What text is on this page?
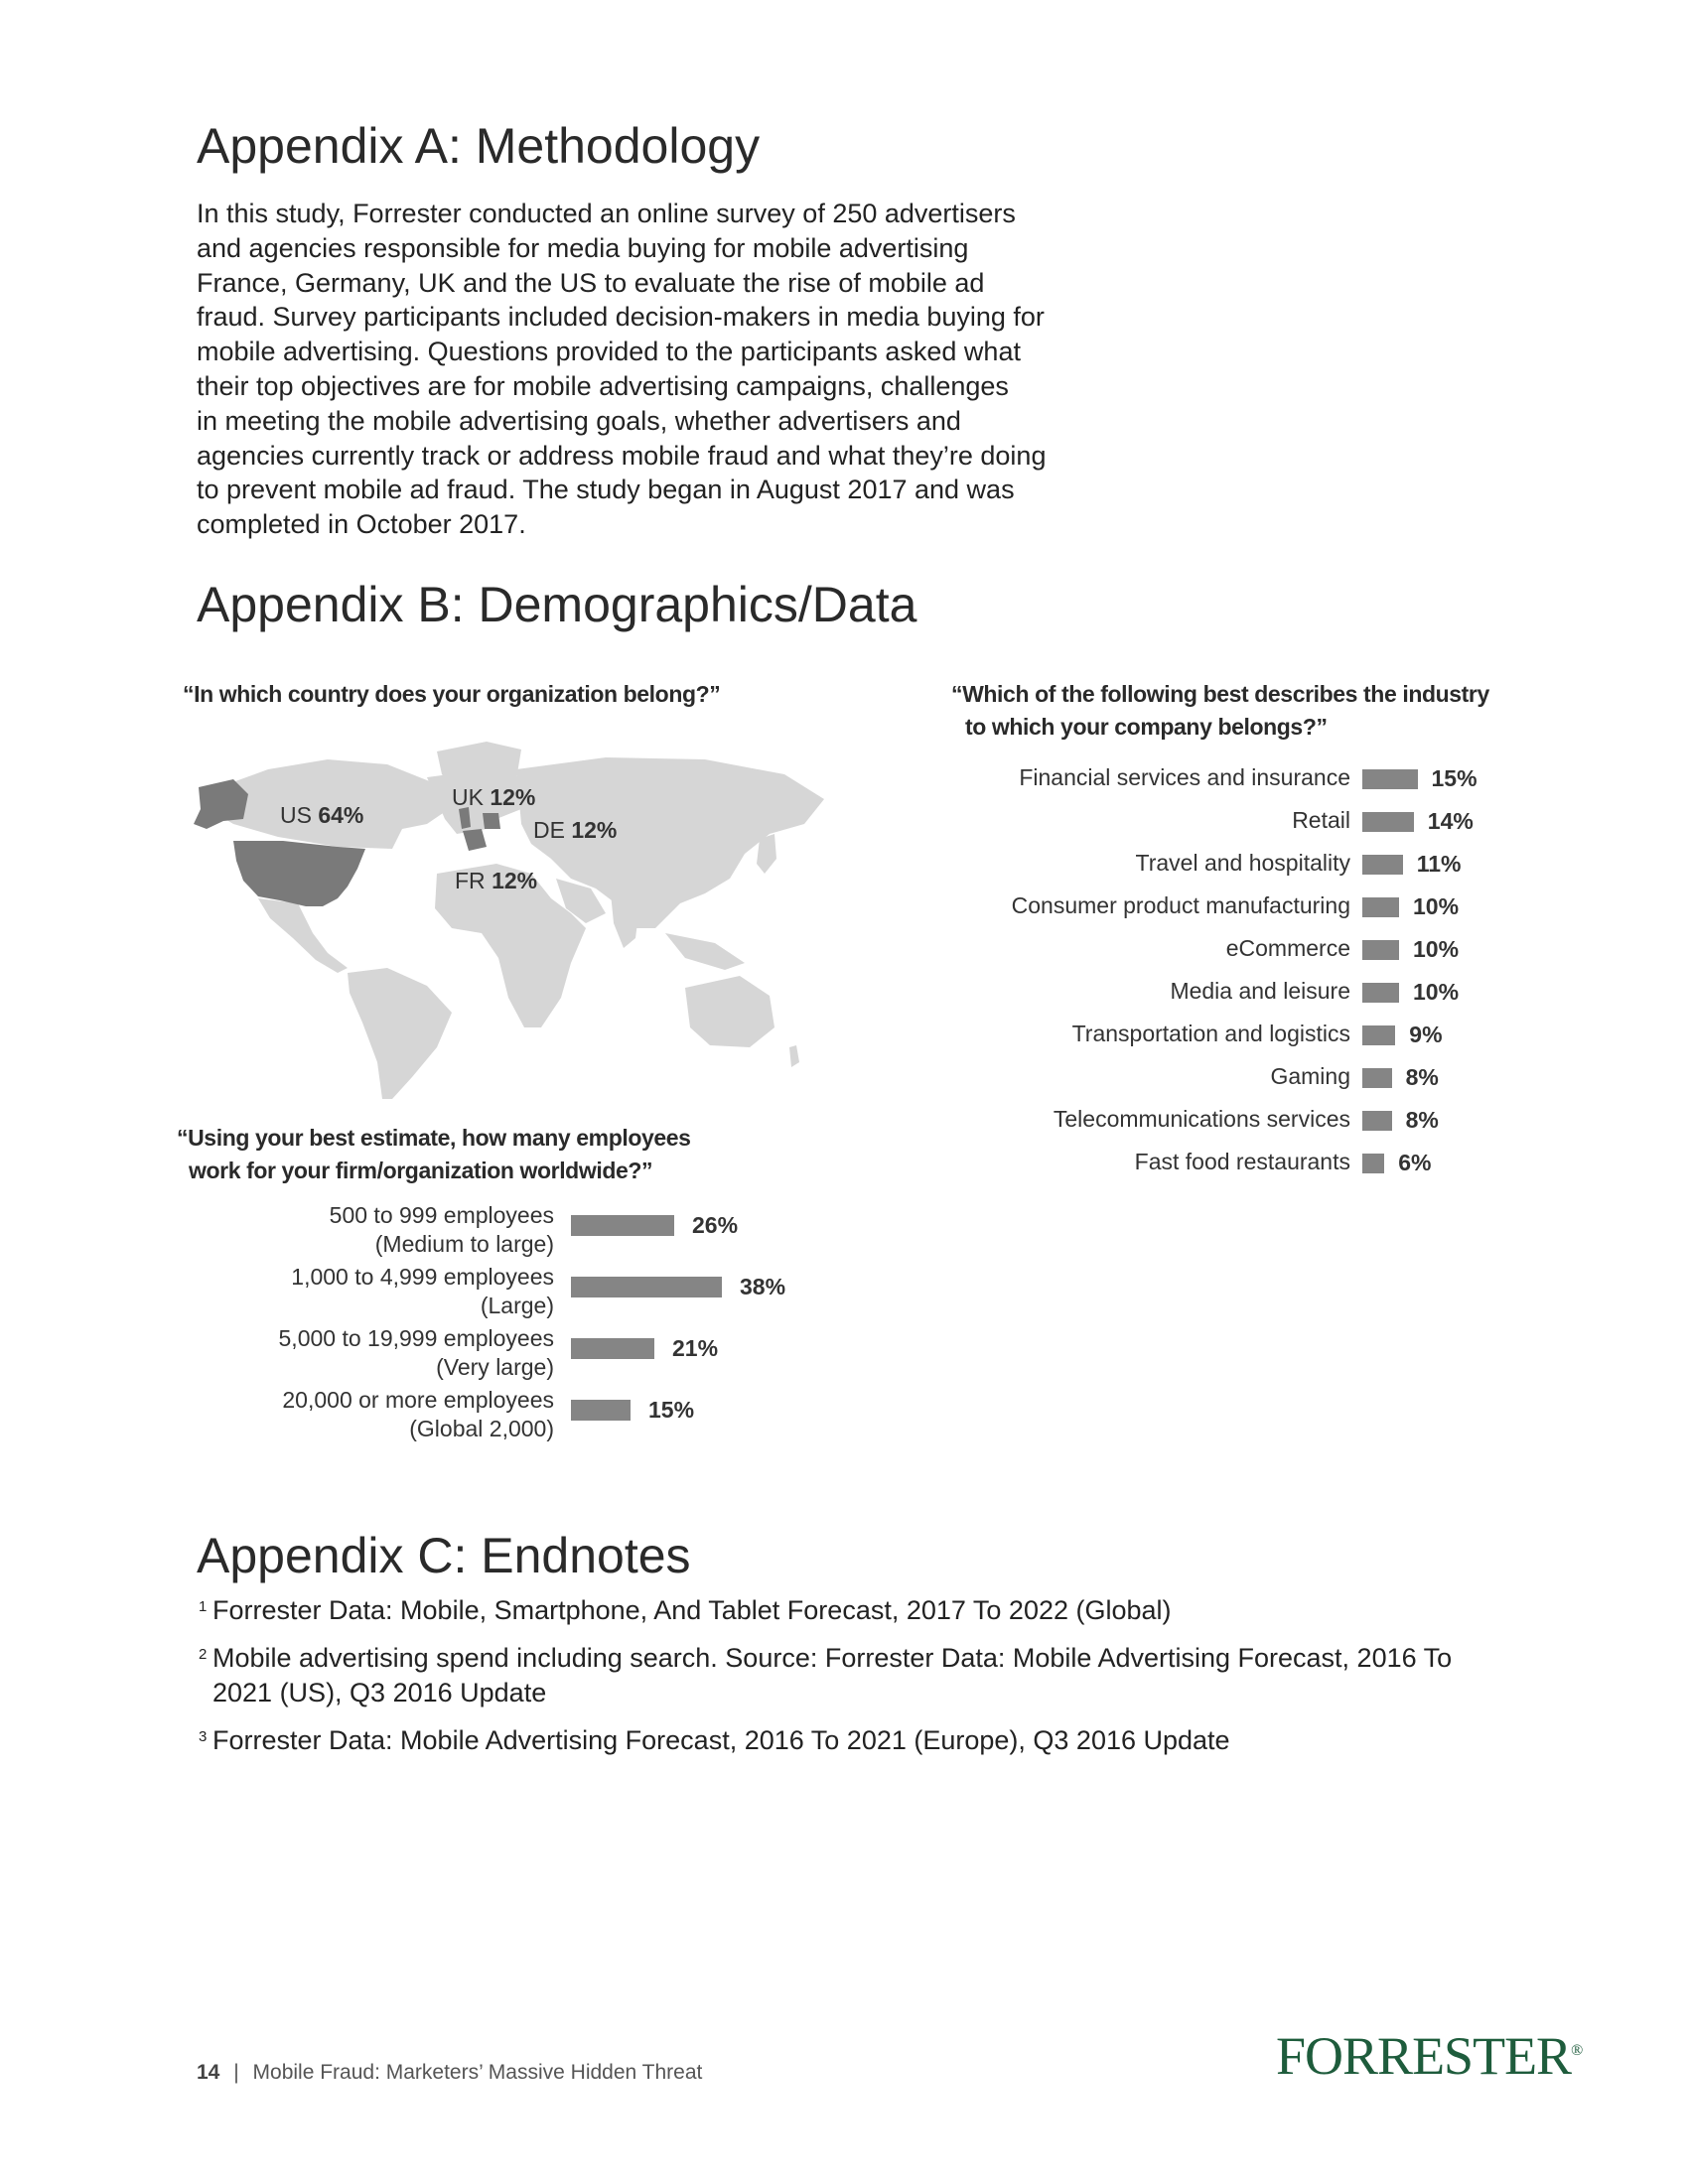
Appendix A: Methodology
In this study, Forrester conducted an online survey of 250 advertisers
and agencies responsible for media buying for mobile advertising
France, Germany, UK and the US to evaluate the rise of mobile ad
fraud. Survey participants included decision-makers in media buying for
mobile advertising. Questions provided to the participants asked what
their top objectives are for mobile advertising campaigns, challenges
in meeting the mobile advertising goals, whether advertisers and
agencies currently track or address mobile fraud and what they’re doing
to prevent mobile ad fraud. The study began in August 2017 and was
completed in October 2017.
Appendix B: Demographics/Data
“In which country does your organization belong?”
US 64%
UK 12%
DE 12%
FR 12%
“Which of the following best describes the industry
to which your company belongs?”
Financial services and insurance
Retail
Travel and hospitality
Consumer product manufacturing
eCommerce
Media and leisure
Transportation and logistics
Gaming
Telecommunications services
Fast food restaurants
15%
14%
11%
10%
10%
10%
9%
8%
8%
6%
“Using your best estimate, how many employees
work for your firm/organization worldwide?”
500 to 999 employees
(Medium to large)
1,000 to 4,999 employees
(Large)
5,000 to 19,999 employees
(Very large)
20,000 or more employees
(Global 2,000)
26%
38%
21%
15%
Appendix C: Endnotes
1 Forrester Data: Mobile, Smartphone, And Tablet Forecast, 2017 To 2022 (Global)
2 Mobile advertising spend including search. Source: Forrester Data: Mobile Advertising Forecast, 2016 To
2021 (US), Q3 2016 Update
3 Forrester Data: Mobile Advertising Forecast, 2016 To 2021 (Europe), Q3 2016 Update
14 | Mobile Fraud: Marketers’ Massive Hidden Threat	FORRESTER®
